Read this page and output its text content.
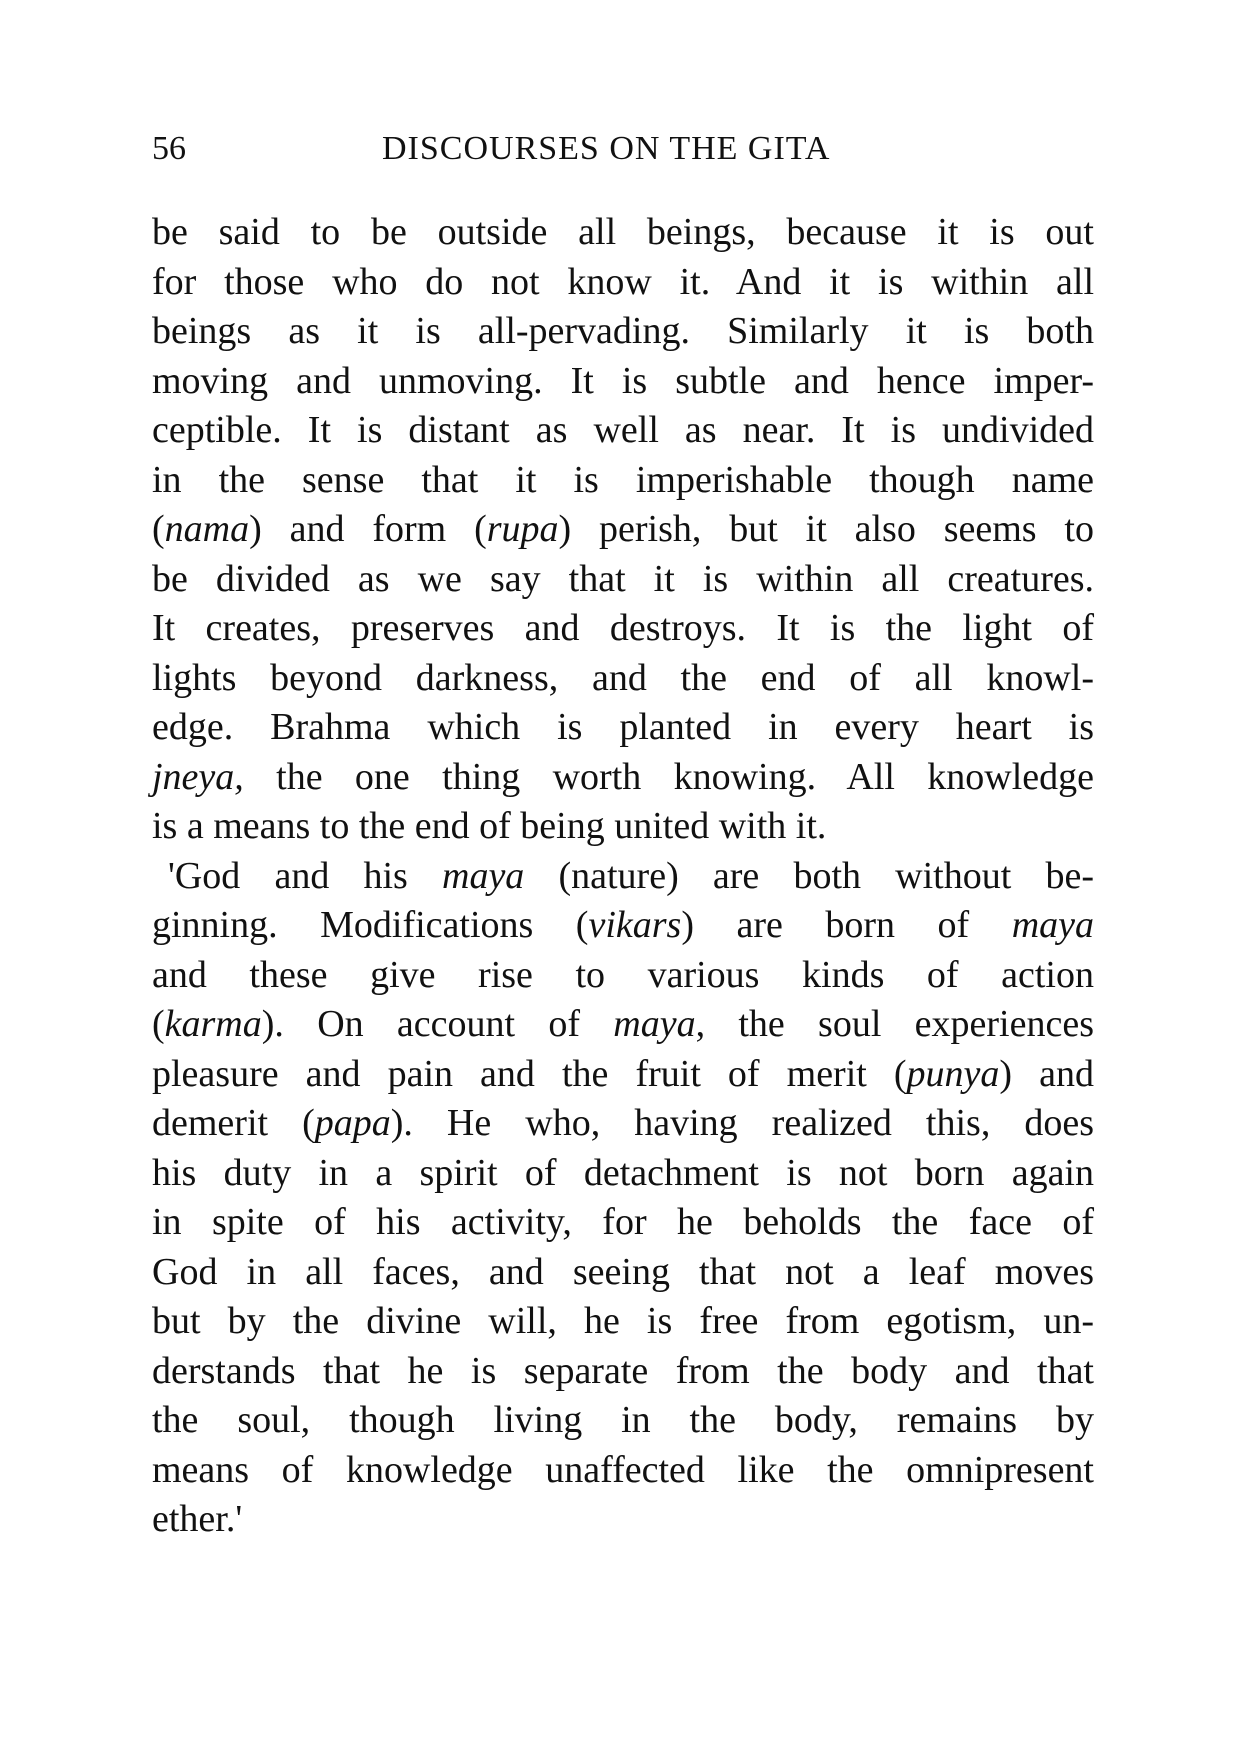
56	DISCOURSES ON THE GITA
be said to be outside all beings, because it is out
for those who do not know it. And it is within all
beings as it is all-pervading. Similarly it is both
moving and unmoving. It is subtle and hence imper-
ceptible. It is distant as well as near. It is undivided
in the sense that it is imperishable though name
(nama) and form (rupa) perish, but it also seems to
be divided as we say that it is within all creatures.
It creates, preserves and destroys. It is the light of
lights beyond darkness, and the end of all knowl-
edge. Brahma which is planted in every heart is
jneya, the one thing worth knowing. All knowledge
is a means to the end of being united with it.
'God and his maya (nature) are both without be-
ginning. Modifications (vikars) are born of maya
and these give rise to various kinds of action
(karma). On account of maya, the soul experiences
pleasure and pain and the fruit of merit (punya) and
demerit (papa). He who, having realized this, does
his duty in a spirit of detachment is not born again
in spite of his activity, for he beholds the face of
God in all faces, and seeing that not a leaf moves
but by the divine will, he is free from egotism, un-
derstands that he is separate from the body and that
the soul, though living in the body, remains by
means of knowledge unaffected like the omnipresent
ether.'
